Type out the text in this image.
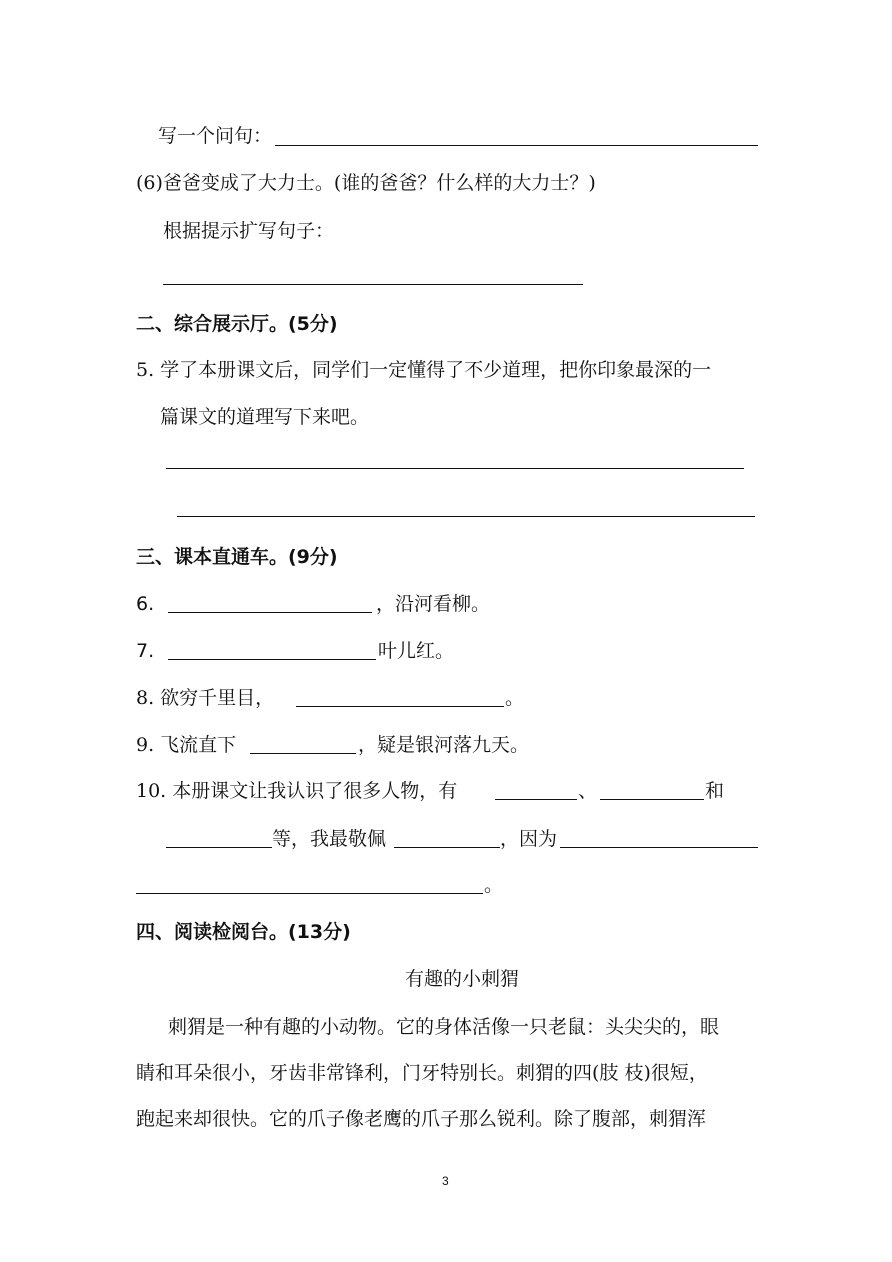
写一个问句：
(6)爸爸变成了大力士。(谁的爸爸？什么样的大力士？)
根据提示扩写句子：
二、综合展示厅。(5分)
5. 学了本册课文后，同学们一定懂得了不少道理，把你印象最深的一
篇课文的道理写下来吧。
三、课本直通车。(9分)
6.	，沿河看柳。
7.	叶儿红。
8. 欲穷千里目，	。
9. 飞流直下	，疑是银河落九天。
10. 本册课文让我认识了很多人物，有	、	和
等，我最敬佩	，因为
。
四、阅读检阅台。(13分)
有趣的小刺猬
刺猬是一种有趣的小动物。它的身体活像一只老鼠：头尖尖的，眼
睛和耳朵很小，牙齿非常锋利，门牙特别长。刺猬的四(肢 枝)很短，
跑起来却很快。它的爪子像老鹰的爪子那么锐利。除了腹部，刺猬浑
3
